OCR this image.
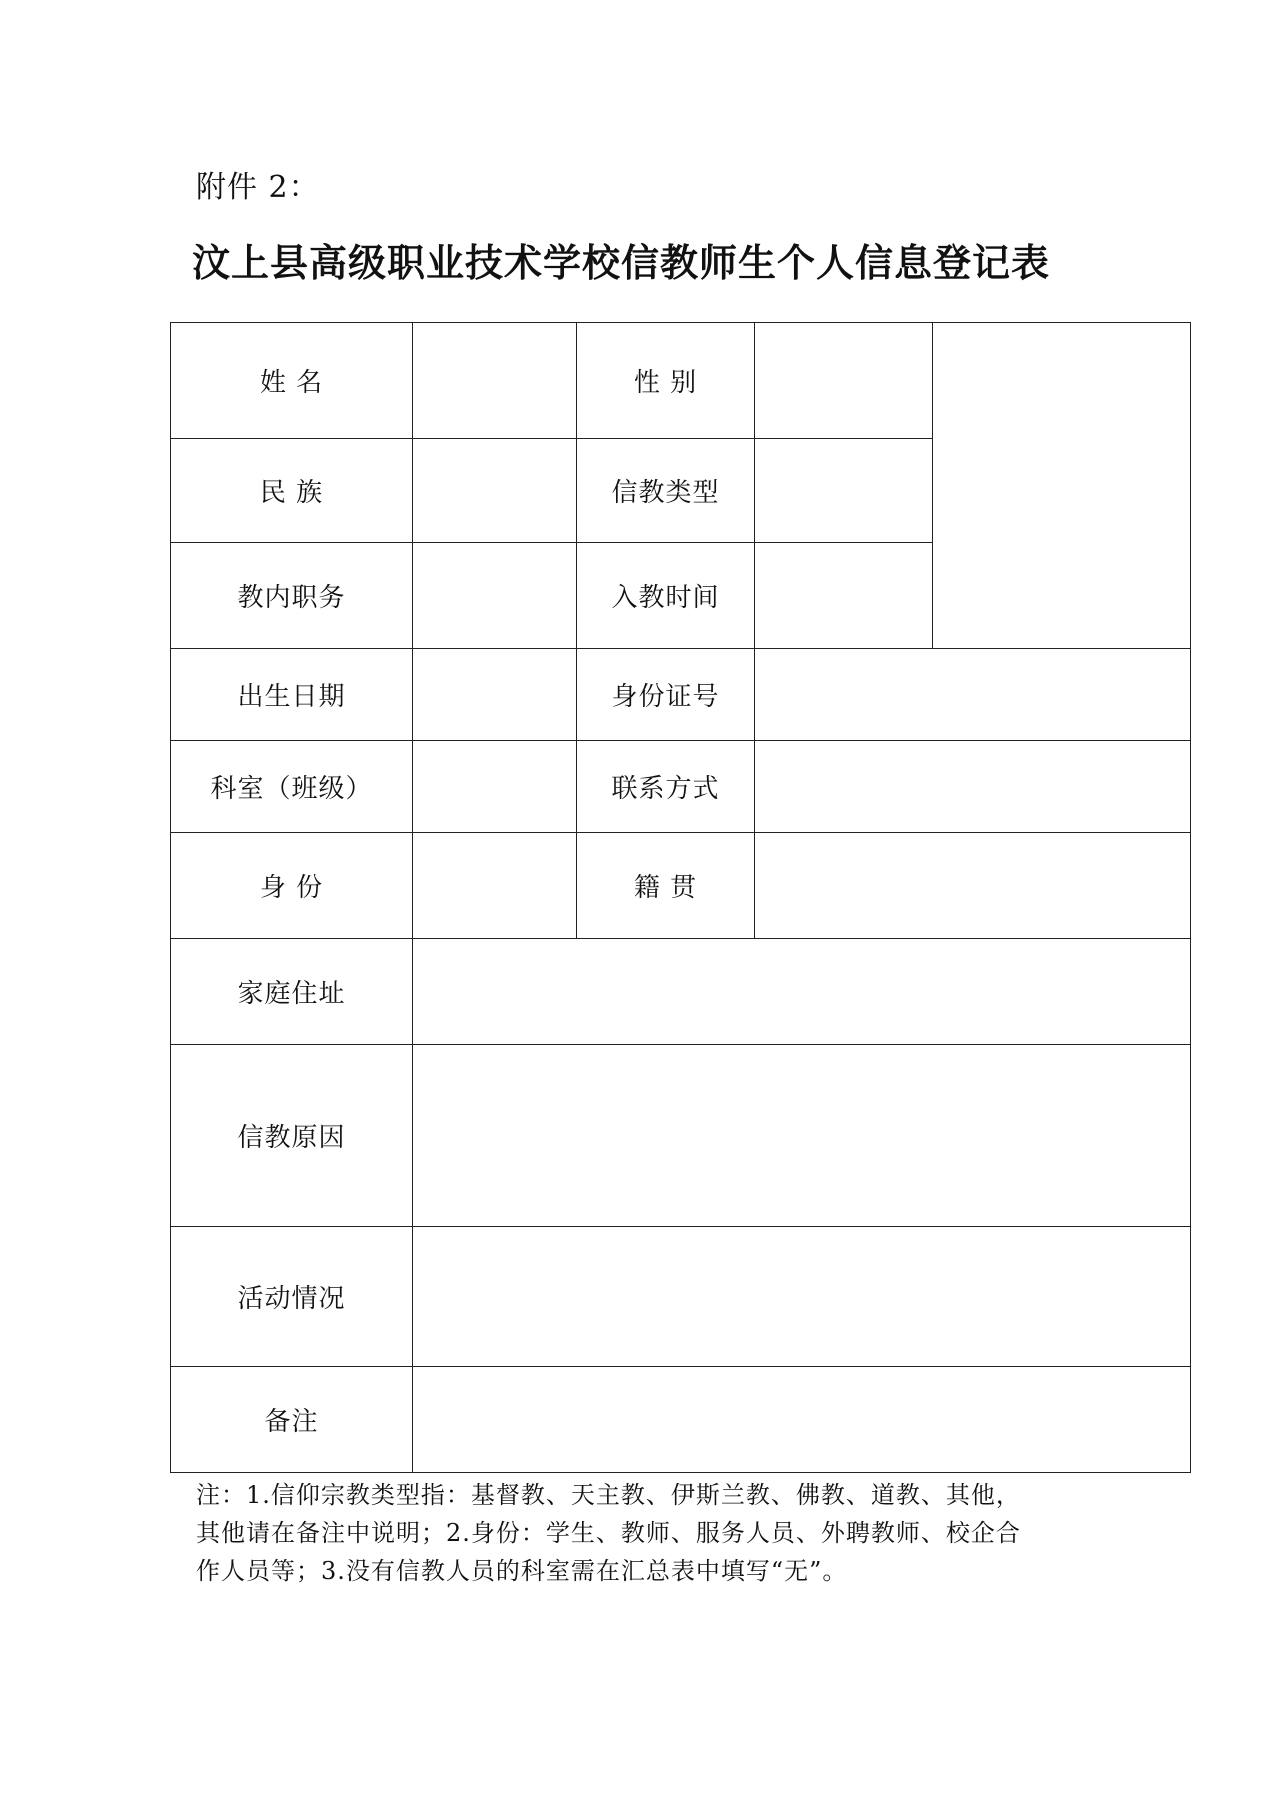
附件 2：
汶上县高级职业技术学校信教师生个人信息登记表
姓 名		性 别		
民 族		信教类型		
教内职务		入教时间		
出生日期		身份证号		
科室（班级）		联系方式		
身 份		籍 贯		
家庭住址				
信教原因				
活动情况				
备注				
注：1.信仰宗教类型指：基督教、天主教、伊斯兰教、佛教、道教、其他，
其他请在备注中说明；2.身份：学生、教师、服务人员、外聘教师、校企合
作人员等；3.没有信教人员的科室需在汇总表中填写“无”。
